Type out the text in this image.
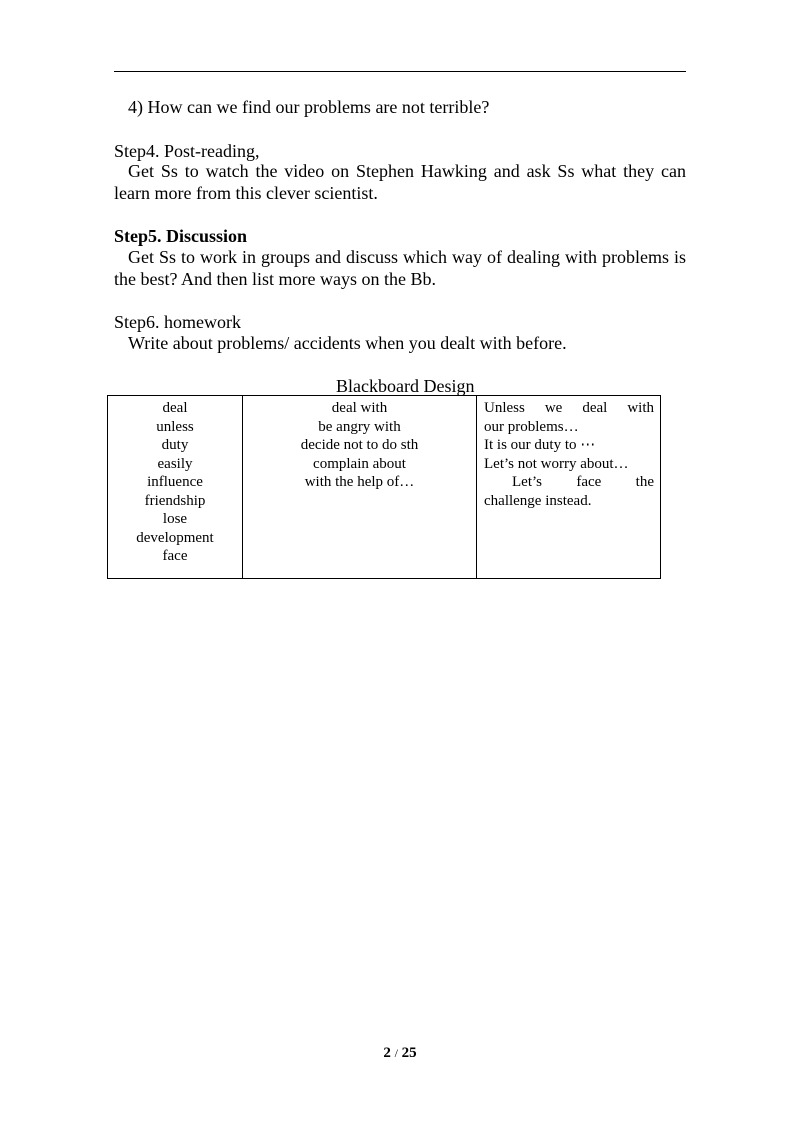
4) How can we find our problems are not terrible?
Step4. Post-reading,
Get Ss to watch the video on Stephen Hawking and ask Ss what they can learn more from this clever scientist.
Step5. Discussion
Get Ss to work in groups and discuss which way of dealing with problems is the best? And then list more ways on the Bb.
Step6. homework
Write about problems/ accidents when you dealt with before.
Blackboard Design
deal
unless
duty
easily
influence
friendship
lose
development
face
deal with
be angry with
decide not to do sth
complain about
with the help of…
Unless we deal with
our problems…
It is our duty to ⋯
Let’s not worry about…
Let’s face the
challenge instead.
2 / 25
